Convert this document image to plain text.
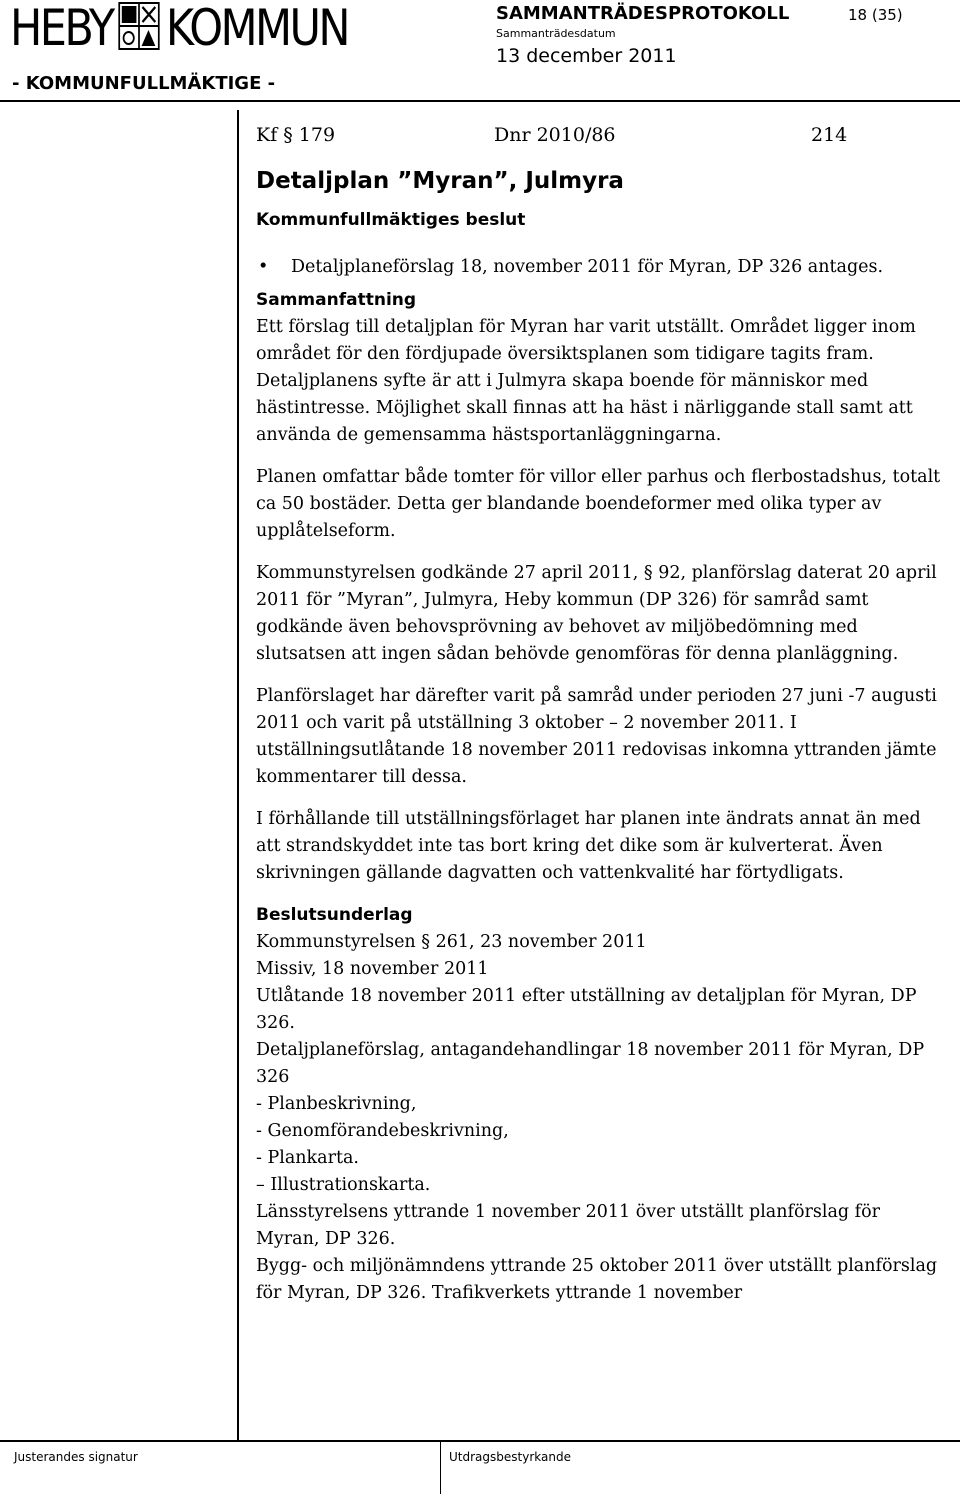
HEBY KOMMUN
- KOMMUNFULLMÄKTIGE -
SAMMANTRÄDESPROTOKOLL
Sammanträdesdatum
13 december 2011
18 (35)
Kf § 179	Dnr 2010/86	214
Detaljplan ”Myran”, Julmyra
Kommunfullmäktiges beslut
• Detaljplaneförslag 18, november 2011 för Myran, DP 326 antages.
Sammanfattning

Ett förslag till detaljplan för Myran har varit utställt. Området ligger inom området för den fördjupade översiktsplanen som tidigare tagits fram. Detaljplanens syfte är att i Julmyra skapa boende för människor med hästintresse. Möjlighet skall finnas att ha häst i närliggande stall samt att använda de gemensamma hästsportanläggningarna.

Planen omfattar både tomter för villor eller parhus och flerbostadshus, totalt ca 50 bostäder. Detta ger blandande boendeformer med olika typer av upplåtelseform.

Kommunstyrelsen godkände 27 april 2011, § 92, planförslag daterat 20 april 2011 för ”Myran”, Julmyra, Heby kommun (DP 326) för samråd samt godkände även behovsprövning av behovet av miljöbedömning med slutsatsen att ingen sådan behövde genomföras för denna planläggning.

Planförslaget har därefter varit på samråd under perioden 27 juni -7 augusti 2011 och varit på utställning 3 oktober – 2 november 2011. I utställningsutlåtande 18 november 2011 redovisas inkomna yttranden jämte kommentarer till dessa.

I förhållande till utställningsförlaget har planen inte ändrats annat än med att strandskyddet inte tas bort kring det dike som är kulverterat. Även skrivningen gällande dagvatten och vattenkvalité har förtydligats.

Beslutsunderlag
Kommunstyrelsen § 261, 23 november 2011
Missiv, 18 november 2011
Utlåtande 18 november 2011 efter utställning av detaljplan för Myran, DP 326.
Detaljplaneförslag, antagandehandlingar 18 november 2011 för Myran, DP 326
- Planbeskrivning,
- Genomförandebeskrivning,
- Plankarta.
– Illustrationskarta.
Länsstyrelsens yttrande 1 november 2011 över utställt planförslag för Myran, DP 326.
Bygg- och miljönämndens yttrande 25 oktober 2011 över utställt planförslag för Myran, DP 326. Trafikverkets yttrande 1 november
Justerandes signatur	Utdragsbestyrkande
